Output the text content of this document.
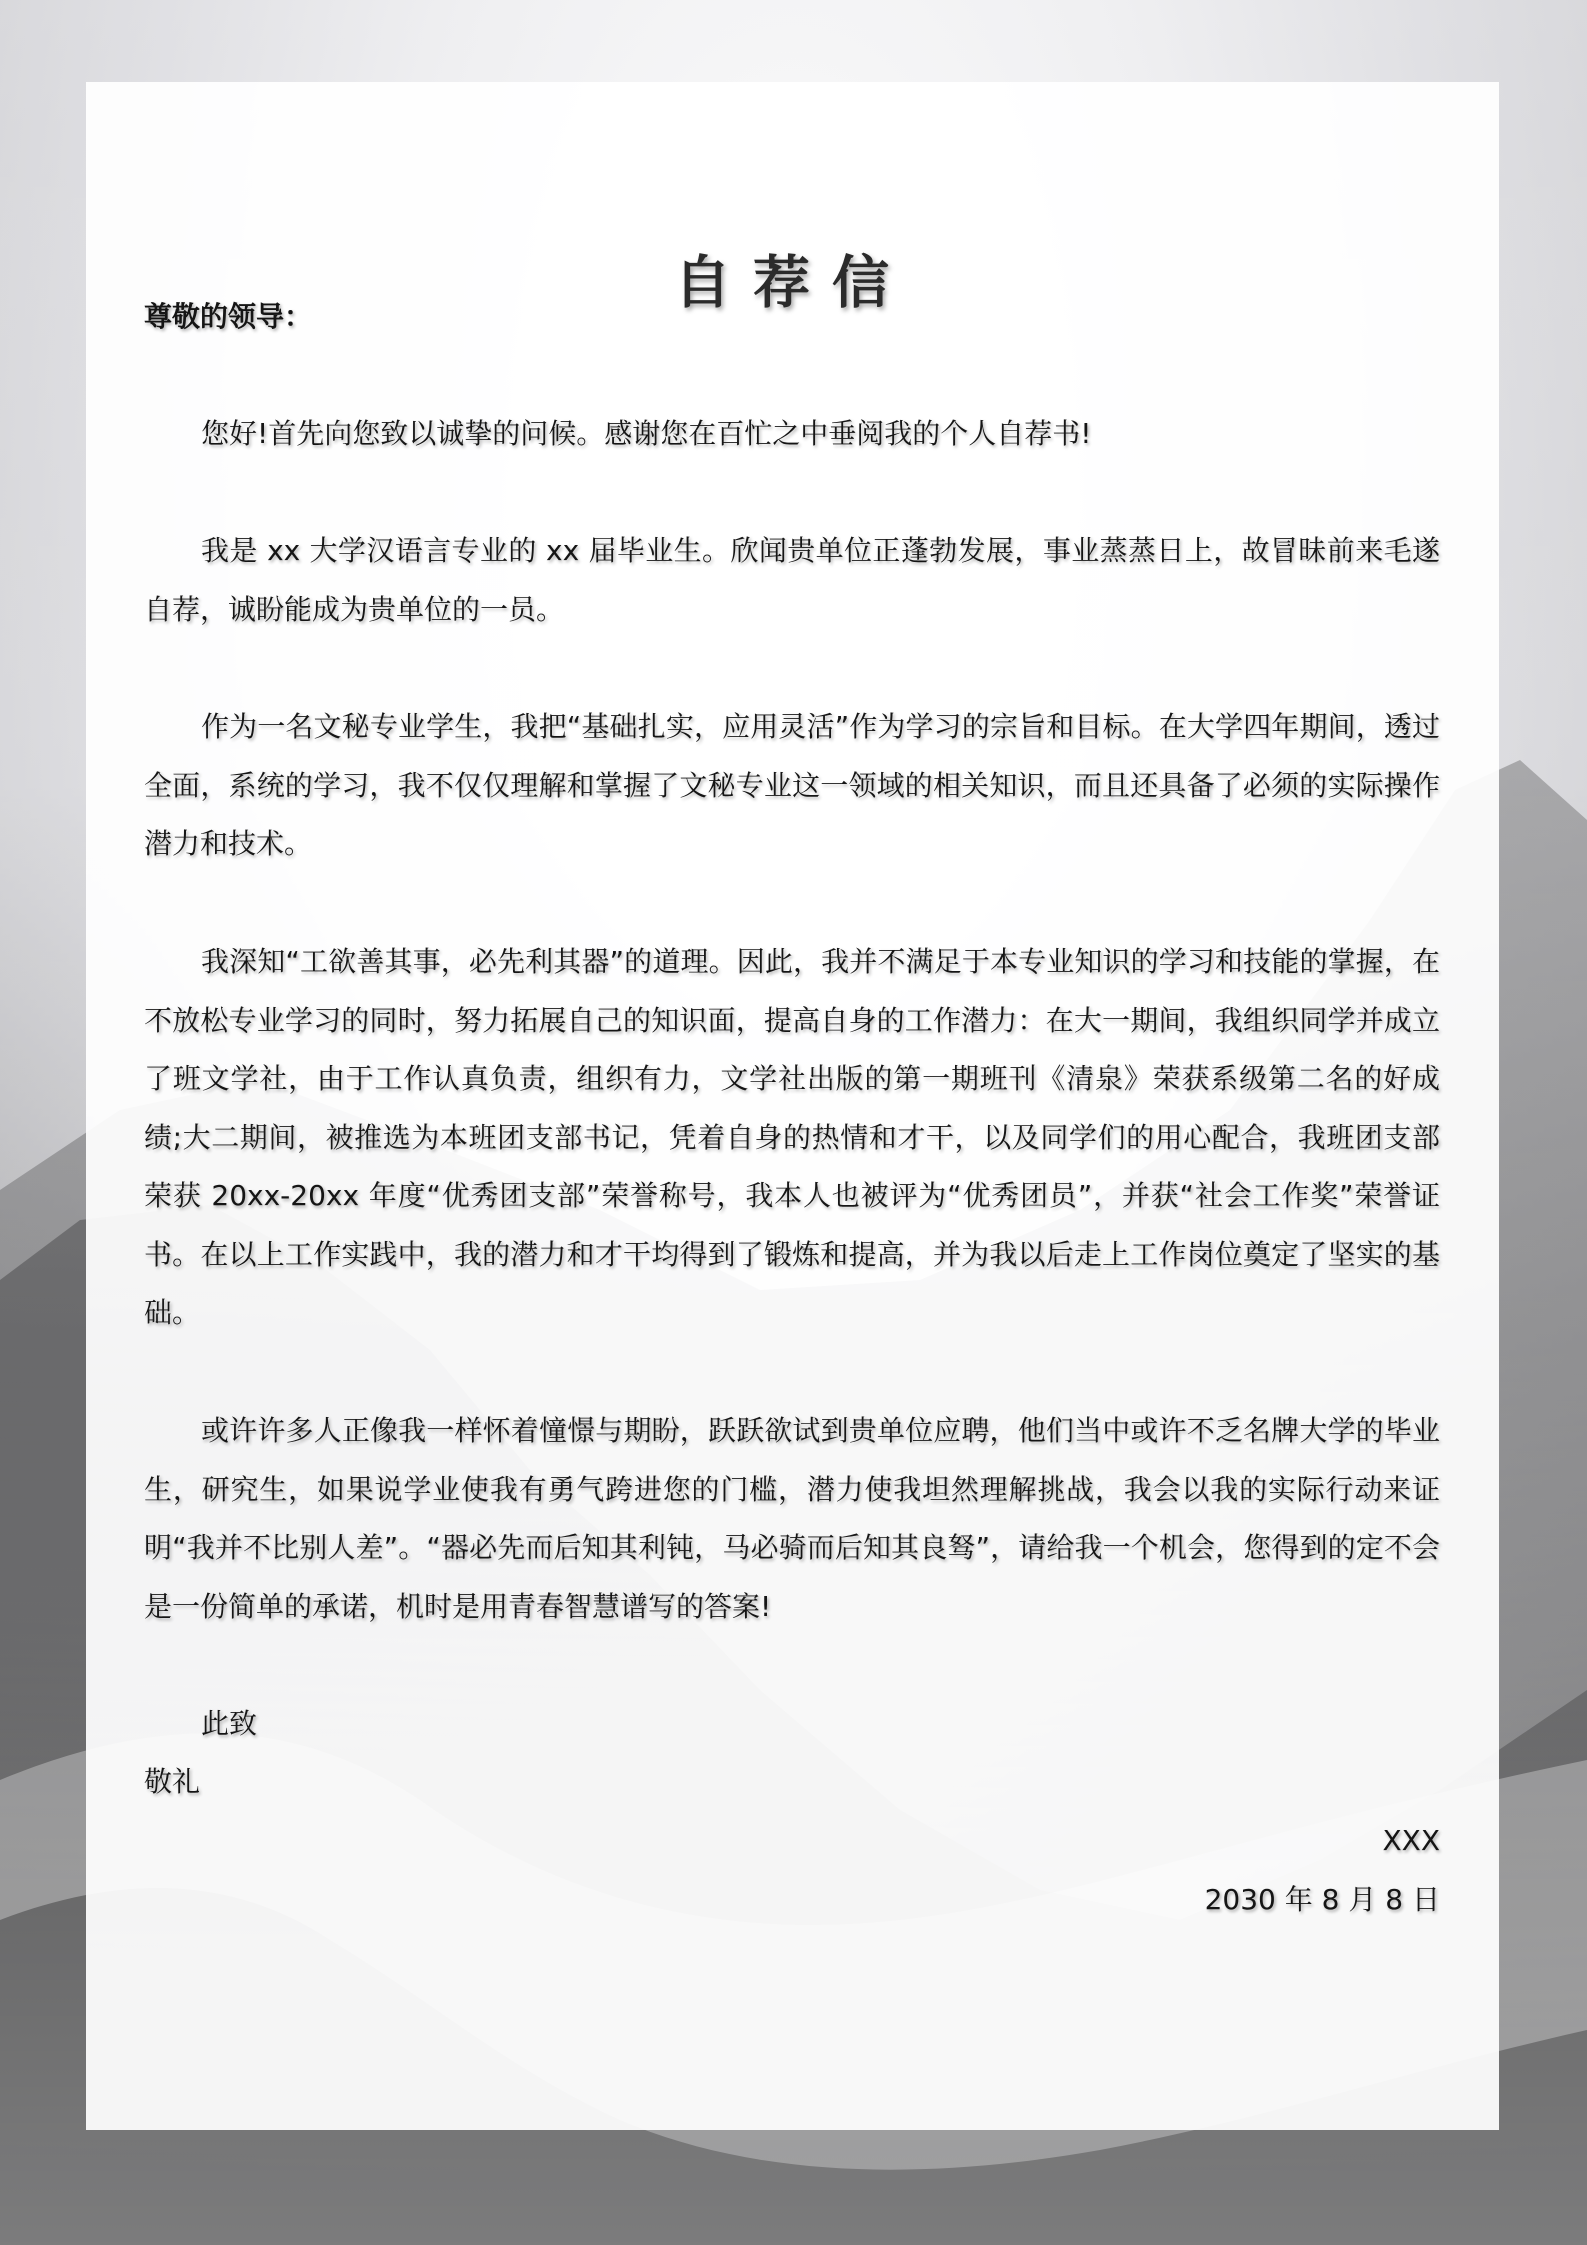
自荐信
尊敬的领导：
您好!首先向您致以诚挚的问候。感谢您在百忙之中垂阅我的个人自荐书!
我是 xx 大学汉语言专业的 xx 届毕业生。欣闻贵单位正蓬勃发展，事业蒸蒸日上，故冒昧前来毛遂自荐，诚盼能成为贵单位的一员。
作为一名文秘专业学生，我把“基础扎实，应用灵活”作为学习的宗旨和目标。在大学四年期间，透过全面，系统的学习，我不仅仅理解和掌握了文秘专业这一领域的相关知识，而且还具备了必须的实际操作潜力和技术。
我深知“工欲善其事，必先利其器”的道理。因此，我并不满足于本专业知识的学习和技能的掌握，在不放松专业学习的同时，努力拓展自己的知识面，提高自身的工作潜力：在大一期间，我组织同学并成立了班文学社，由于工作认真负责，组织有力，文学社出版的第一期班刊《清泉》荣获系级第二名的好成绩;大二期间，被推选为本班团支部书记，凭着自身的热情和才干，以及同学们的用心配合，我班团支部荣获 20xx-20xx 年度“优秀团支部”荣誉称号，我本人也被评为“优秀团员”，并获“社会工作奖”荣誉证书。在以上工作实践中，我的潜力和才干均得到了锻炼和提高，并为我以后走上工作岗位奠定了坚实的基础。
或许许多人正像我一样怀着憧憬与期盼，跃跃欲试到贵单位应聘，他们当中或许不乏名牌大学的毕业生，研究生，如果说学业使我有勇气跨进您的门槛，潜力使我坦然理解挑战，我会以我的实际行动来证明“我并不比别人差”。“器必先而后知其利钝，马必骑而后知其良驽”，请给我一个机会，您得到的定不会是一份简单的承诺，机时是用青春智慧谱写的答案!
此致
敬礼
XXX
2030 年 8 月 8 日
